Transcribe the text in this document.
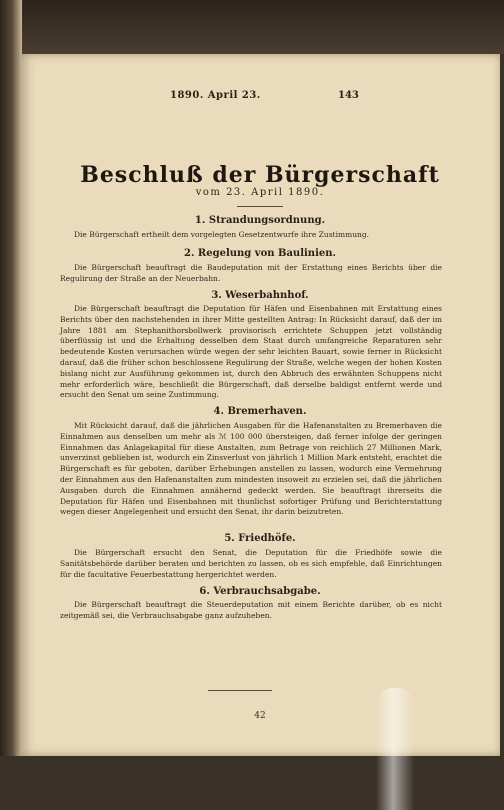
1890. April 23.	143
Beschluß der Bürgerschaft
vom 23. April 1890.
1. Strandungsordnung.
Die Bürgerschaft ertheilt dem vorgelegten Gesetzentwurfe ihre Zustimmung.
2. Regelung von Baulinien.
Die Bürgerschaft beauftragt die Baudeputation mit der Erstattung eines Berichts über die Regulirung der Straße an der Neuerbahn.
3. Weserbahnhof.
Die Bürgerschaft beauftragt die Deputation für Häfen und Eisenbahnen mit Erstattung eines Berichts über den nachstehenden in ihrer Mitte gestellten Antrag: In Rücksicht darauf, daß der im Jahre 1881 am Stephanithorsbollwerk provisorisch errichtete Schuppen jetzt vollständig überflüssig ist und die Erhaltung desselben dem Staat durch umfangreiche Reparaturen sehr bedeutende Kosten verursachen würde wegen der sehr leichten Bauart, sowie ferner in Rücksicht darauf, daß die früher schon beschlossene Regulirung der Straße, welche wegen der hohen Kosten bislang nicht zur Ausführung gekommen ist, durch den Abbruch des erwähnten Schuppens nicht mehr erforderlich wäre, beschließt die Bürgerschaft, daß derselbe baldigst entfernt werde und ersucht den Senat um seine Zustimmung.
4. Bremerhaven.
Mit Rücksicht darauf, daß die jährlichen Ausgaben für die Hafenanstalten zu Bremerhaven die Einnahmen aus denselben um mehr als ℳ 100 000 übersteigen, daß ferner infolge der geringen Einnahmen das Anlagekapital für diese Anstalten, zum Betrage von reichlich 27 Millionen Mark, unverzinst geblieben ist, wodurch ein Zinsverlust von jährlich 1 Million Mark entsteht, erachtet die Bürgerschaft es für geboten, darüber Erhebungen anstellen zu lassen, wodurch eine Vermehrung der Einnahmen aus den Hafenanstalten zum mindesten insoweit zu erzielen sei, daß die jährlichen Ausgaben durch die Einnahmen annähernd gedeckt werden. Sie beauftragt ihrerseits die Deputation für Häfen und Eisenbahnen mit thunlichst sofortiger Prüfung und Berichterstattung wegen dieser Angelegenheit und ersucht den Senat, ihr darin beizutreten.
5. Friedhöfe.
Die Bürgerschaft ersucht den Senat, die Deputation für die Friedhöfe sowie die Sanitätsbehörde darüber beraten und berichten zu lassen, ob es sich empfehle, daß Einrichtungen für die facultative Feuerbestattung hergerichtet werden.
6. Verbrauchsabgabe.
Die Bürgerschaft beauftragt die Steuerdeputation mit einem Berichte darüber, ob es nicht zeitgemäß sei, die Verbrauchsabgabe ganz aufzuheben.
42
